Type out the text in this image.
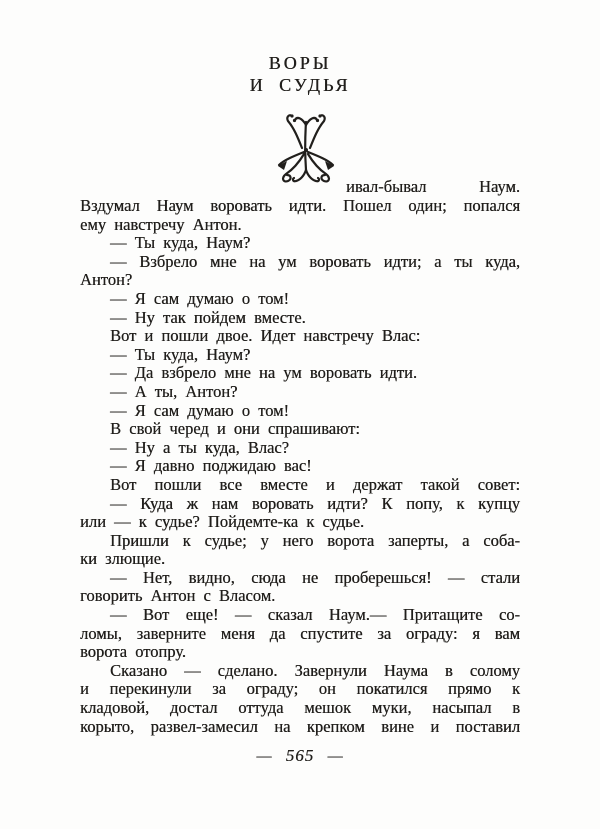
ВОРЫ
И СУДЬЯ
ивал-бывал	Наум.
Вздумал Наум воровать идти. Пошел один; попался
ему навстречу Антон.
— Ты куда, Наум?
— Взбрело мне на ум воровать идти; а ты куда,
Антон?
— Я сам думаю о том!
— Ну так пойдем вместе.
Вот и пошли двое. Идет навстречу Влас:
— Ты куда, Наум?
— Да взбрело мне на ум воровать идти.
— А ты, Антон?
— Я сам думаю о том!
В свой черед и они спрашивают:
— Ну а ты куда, Влас?
— Я давно поджидаю вас!
Вот пошли все вместе и держат такой совет:
— Куда ж нам воровать идти? К попу, к купцу
или — к судье? Пойдемте-ка к судье.
Пришли к судье; у него ворота заперты, а соба-
ки злющие.
— Нет, видно, сюда не проберешься! — стали
говорить Антон с Власом.
— Вот еще! — сказал Наум.— Притащите со-
ломы, заверните меня да спустите за ограду: я вам
ворота отопру.
Сказано — сделано. Завернули Наума в солому
и перекинули за ограду; он покатился прямо к
кладовой, достал оттуда мешок муки, насыпал в
корыто, развел-замесил на крепком вине и поставил
— 565 —
